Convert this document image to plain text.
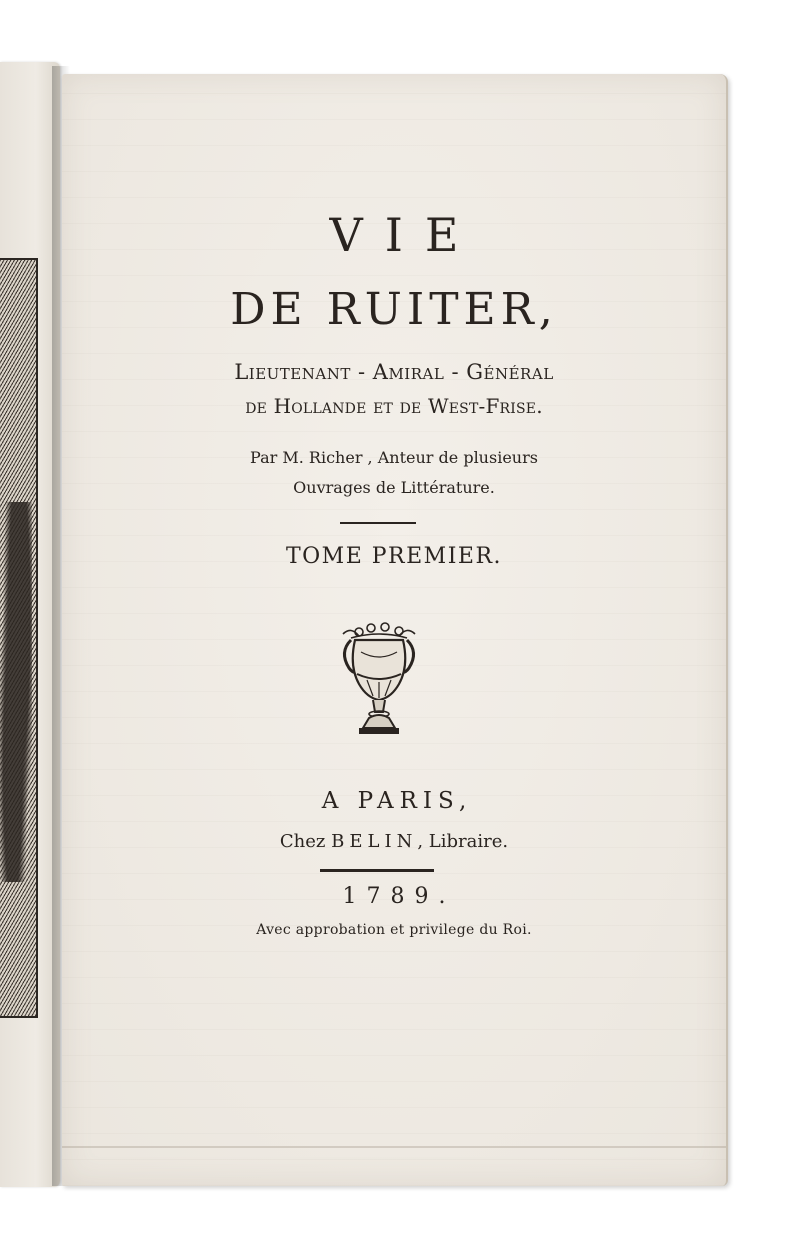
VIE
DE RUITER,
Lieutenant - Amiral - Général
de Hollande et de West-Frise.
Par M. Richer , Anteur de plusieurs
Ouvrages de Littérature.
TOME PREMIER.
A PARIS,
Chez BELIN, Libraire.
1789.
Avec approbation et privilege du Roi.
